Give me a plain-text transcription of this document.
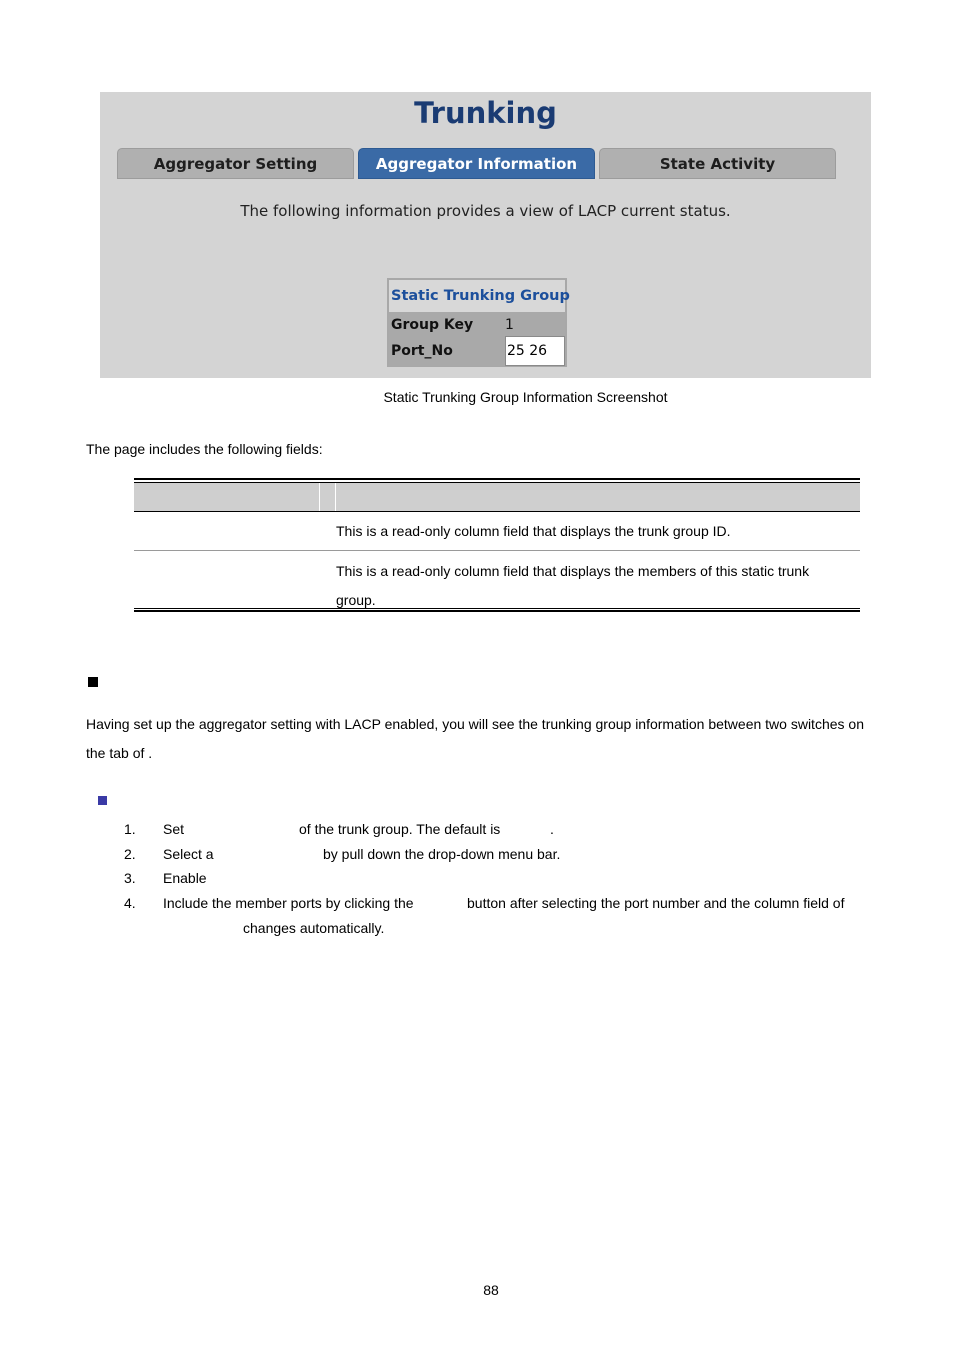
Trunking
Aggregator Setting	Aggregator Information	State Activity
The following information provides a view of LACP current status.
Static Trunking Group
Group Key 1
Port_No	25 26
Static Trunking Group Information Screenshot
The page includes the following fields:
This is a read-only column field that displays the trunk group ID.
This is a read-only column field that displays the members of this static trunk group.
Having set up the aggregator setting with LACP enabled, you will see the trunking group information between two switches on the tab of .
1. Set	of the trunk group. The default is	.
2. Select a	by pull down the drop-down menu bar.
3. Enable
4. Include the member ports by clicking the	button after selecting the port number and the column field of
changes automatically.
88
